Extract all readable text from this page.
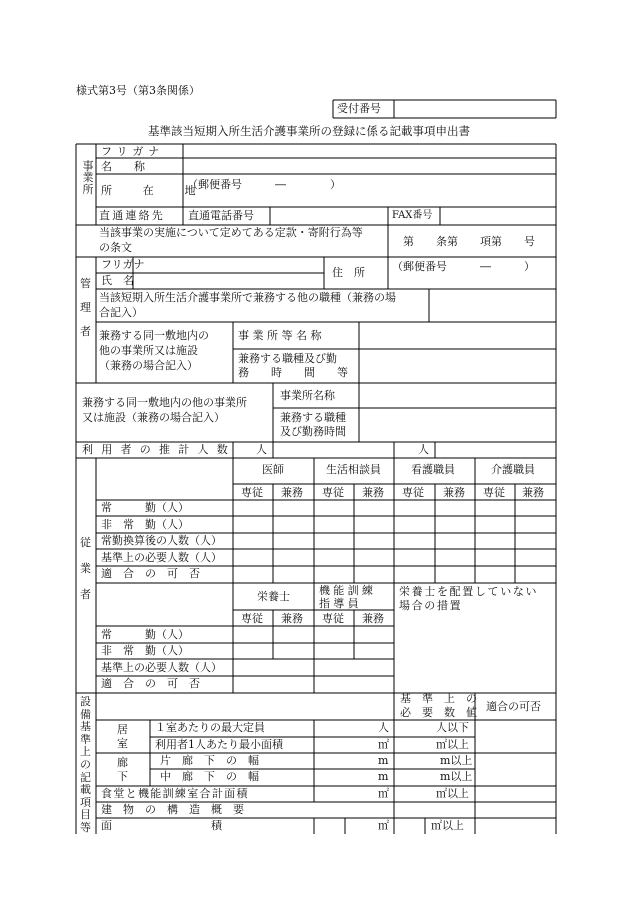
様式第3号（第3条関係）
受付番号
基準該当短期入所生活介護事業所の登録に係る記載事項申出書
事業所
フリガナ
名　　称
所　在　地
（郵便番号　　　―　　　　）
直通連絡先 直通電話番号	FAX番号
当該事業の実施について定めてある定款・寄附行為等
の条文	第　　条第　　項第　　号
管理者
フリガナ
氏　名
住　所 （郵便番号　　　―　　　）
当該短期入所生活介護事業所で兼務する他の職種（兼務の場
合記入）
兼務する同一敷地内の
他の事業所又は施設
（兼務の場合記入）
事 業 所 等 名 称
兼務する職種及び勤
務　　時　　間　　等
兼務する同一敷地内の他の事業所
又は施設（兼務の場合記入）
事業所名称
兼務する職種
及び勤務時間
利用者の推計人数 人	人
従業者
医師	生活相談員	看護職員	介護職員
専従 兼務 専従 兼務 専従 兼務 専従 兼務
常　　　勤（人）
非　常　勤（人）
常勤換算後の人数（人）
基準上の必要人数（人）
適　合　の　可　否
栄養士	機能訓練
指導員
栄養士を配置していない
場合の措置
専従 兼務 専従 兼務
常　　　勤（人）
非　常　勤（人）
基準上の必要人数（人）
適　合　の　可　否
設備基準上の記載項目等
基　準　上　の
必　要　数　値 適合の可否
居室
１室あたりの最大定員	人	人以下
利用者1人あたり最小面積	㎡	㎡以上
廊下
片　廊　下　の　幅	m	m以上
中　廊　下　の　幅	m	m以上
食堂と機能訓練室合計面積	㎡	㎡以上
建　物　の　構　造　概　要
面　　　　　　　　　積	㎡	㎡以上
